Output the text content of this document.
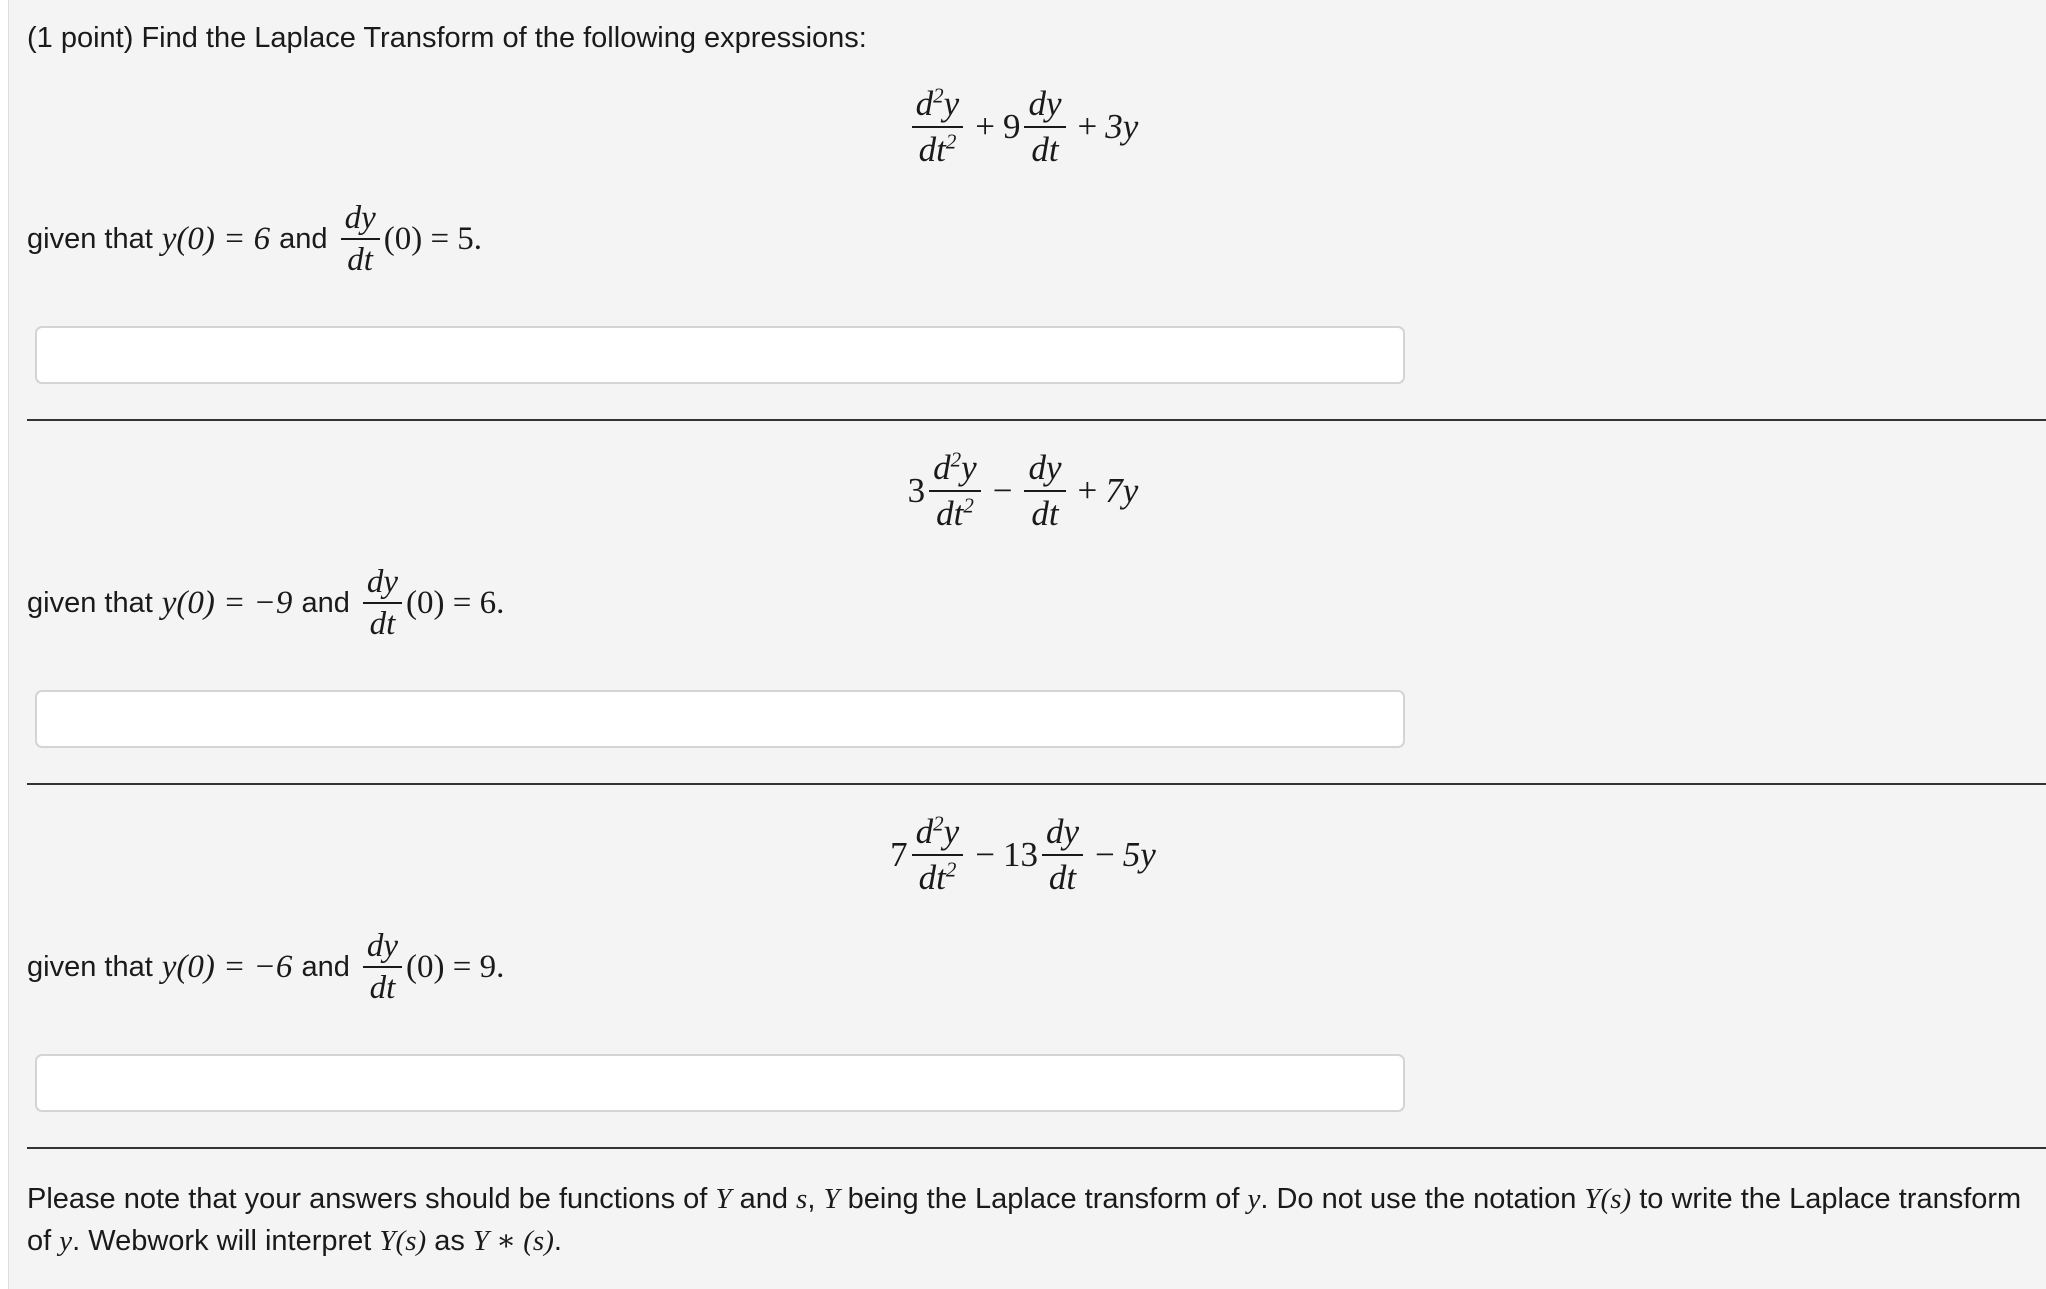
(1 point) Find the Laplace Transform of the following expressions:
$\frac{d^2y}{dt^2} + 9 \frac{dy}{dt} + 3y$
given that y(0) = 6 and $\frac{dy}{dt} (0) = 5$.
$3 \frac{d^2y}{dt^2} - \frac{dy}{dt} + 7y$
given that y(0) = −9 and $\frac{dy}{dt} (0) = 6$.
$7 \frac{d^2y}{dt^2} - 13 \frac{dy}{dt} - 5y$
given that y(0) = −6 and $\frac{dy}{dt} (0) = 9$.
Please note that your answers should be functions of Y and s, Y being the Laplace transform of y. Do not use the notation Y(s) to write the Laplace transform of y. Webwork will interpret Y(s) as Y ∗ (s).
